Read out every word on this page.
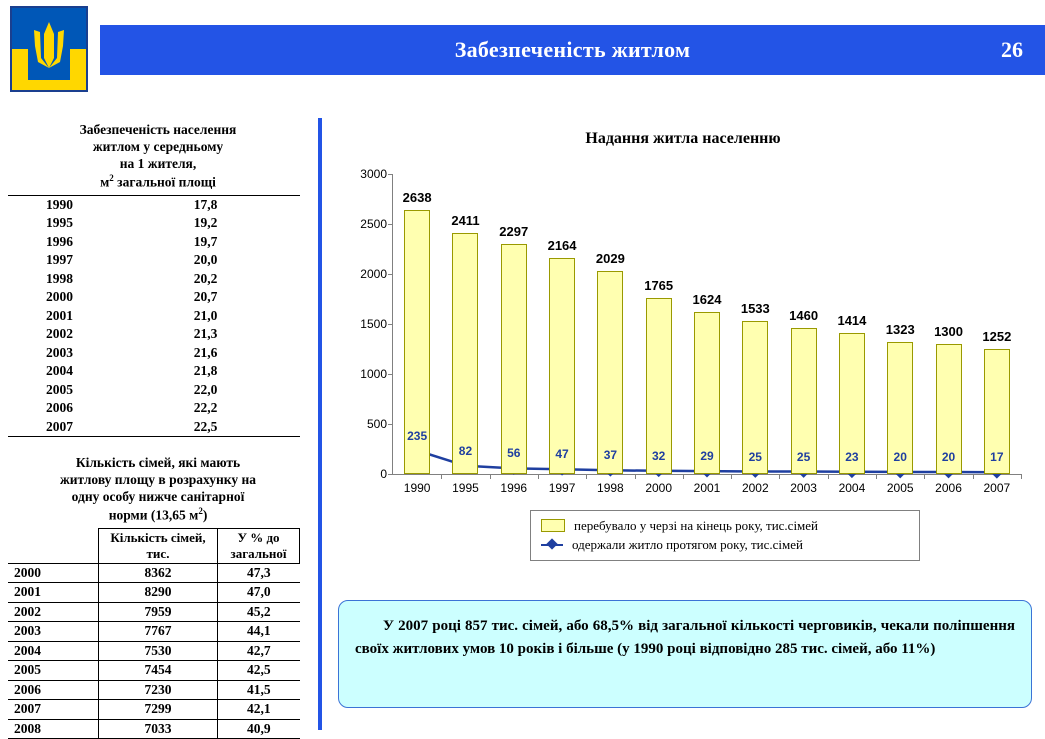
Забезпеченість житлом	26
Забезпеченість населення
житлом у середньому
на 1 жителя,
$м^2$ загальної площі
1990	17,8
1995	19,2
1996	19,7
1997	20,0
1998	20,2
2000	20,7
2001	21,0
2002	21,3
2003	21,6
2004	21,8
2005	22,0
2006	22,2
2007	22,5
Кількість сімей, які мають
житлову площу в розрахунку на
одну особу нижче санітарної
норми (13,65 $м^2$)

Кількість сімей,
тис.

У % до
загальної

2000	8362	47,3
2001	8290	47,0
2002	7959	45,2
2003	7767	44,1
2004	7530	42,7
2005	7454	42,5
2006	7230	41,5
2007	7299	42,1
2008	7033	40,9
Надання житла населенню
0
500
1000
1500
2000
2500
3000
2638
235
1990
2411
82
1995
2297
56
1996
2164
47
1997
2029
37
1998
1765
32
2000
1624
29
2001
1533
25
2002
1460
25
2003
1414
23
2004
1323
20
2005
1300
20
2006
1252
17
2007
перебувало у черзі на кінець року, тис.сімей
одержали житло протягом року, тис.сімей

У 2007 році 857 тис. сімей, або 68,5% від загальної кількості черговиків, чекали поліпшення своїх житлових умов 10 років і більше (у 1990 році відповідно 285 тис. сімей, або 11%)
